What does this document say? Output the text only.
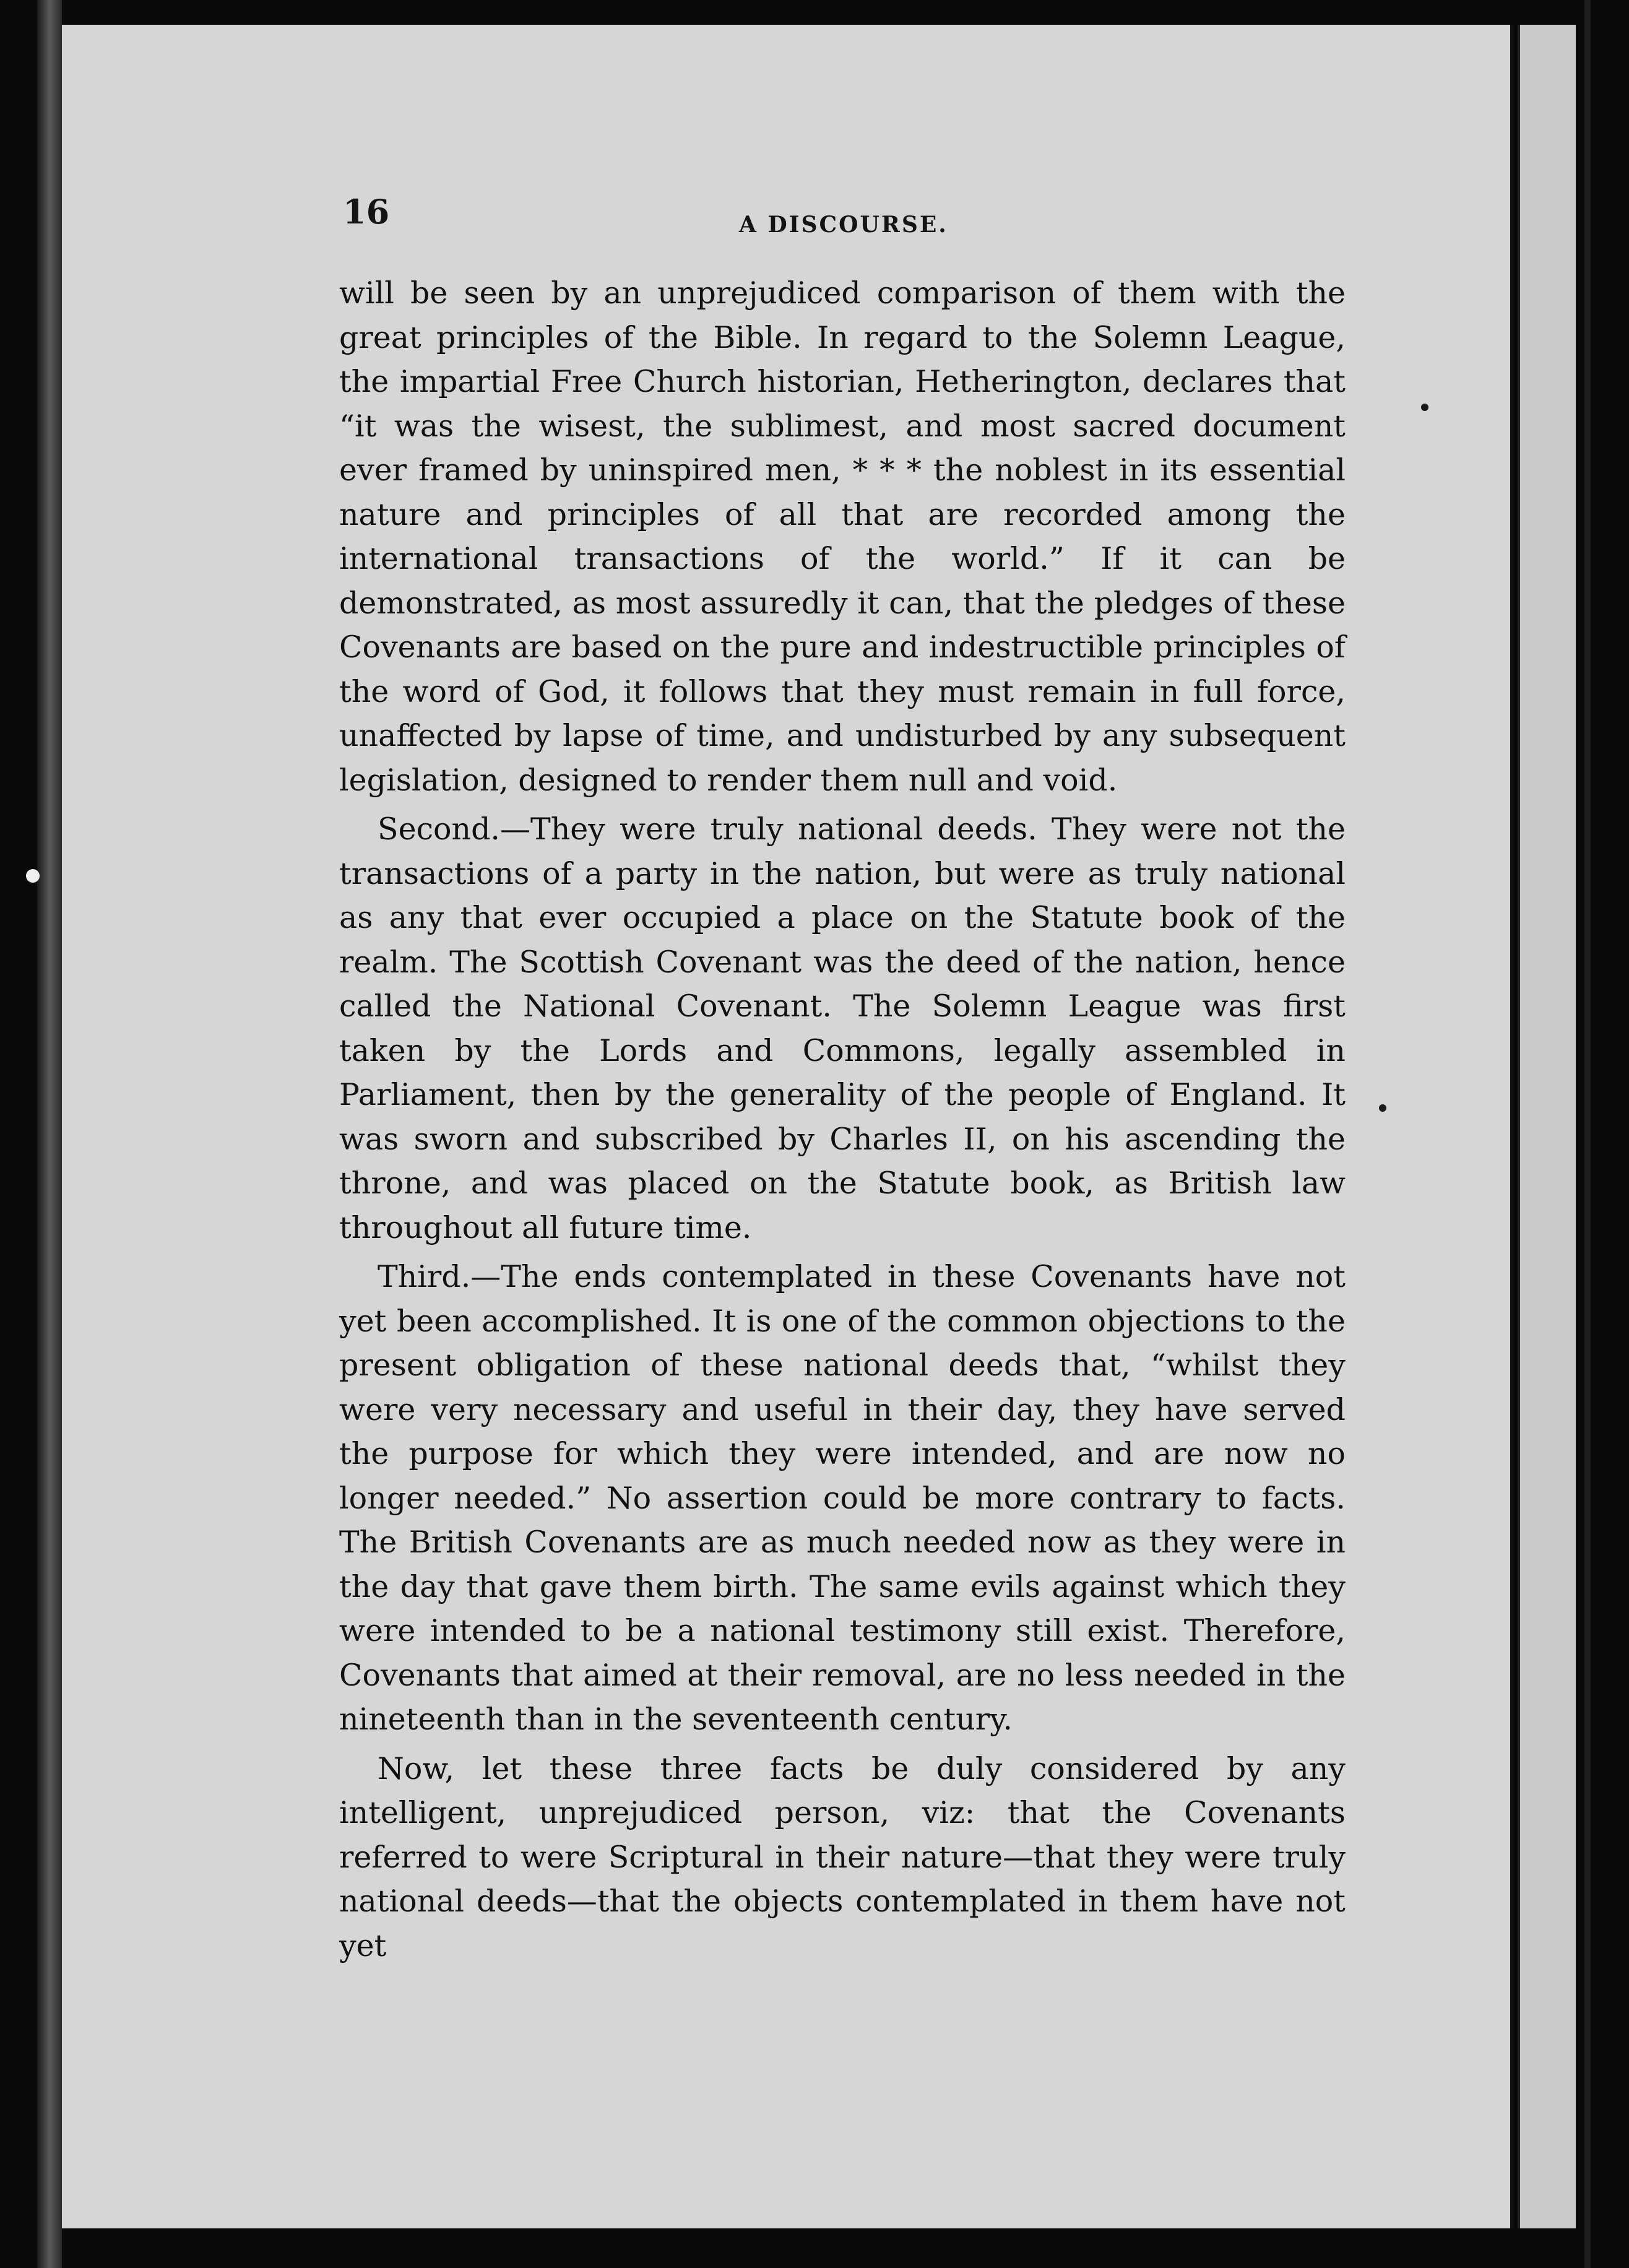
16	A DISCOURSE.

will be seen by an unprejudiced comparison of them with the great principles of the Bible. In regard to the Solemn League, the impartial Free Church historian, Hetherington, declares that “it was the wisest, the sublimest, and most sacred document ever framed by uninspired men, * * * the noblest in its essential nature and principles of all that are recorded among the international transactions of the world.” If it can be demonstrated, as most assuredly it can, that the pledges of these Covenants are based on the pure and indestructible principles of the word of God, it follows that they must remain in full force, unaffected by lapse of time, and undisturbed by any subsequent legislation, designed to render them null and void.

Second.—They were truly national deeds. They were not the transactions of a party in the nation, but were as truly national as any that ever occupied a place on the Statute book of the realm. The Scottish Covenant was the deed of the nation, hence called the National Covenant. The Solemn League was first taken by the Lords and Commons, legally assembled in Parliament, then by the generality of the people of England. It was sworn and subscribed by Charles II, on his ascending the throne, and was placed on the Statute book, as British law throughout all future time.

Third.—The ends contemplated in these Covenants have not yet been accomplished. It is one of the common objections to the present obligation of these national deeds that, “whilst they were very necessary and useful in their day, they have served the purpose for which they were intended, and are now no longer needed.” No assertion could be more contrary to facts. The British Covenants are as much needed now as they were in the day that gave them birth. The same evils against which they were intended to be a national testimony still exist. Therefore, Covenants that aimed at their removal, are no less needed in the nineteenth than in the seventeenth century.

Now, let these three facts be duly considered by any intelligent, unprejudiced person, viz: that the Covenants referred to were Scriptural in their nature—that they were truly national deeds—that the objects contemplated in them have not yet
